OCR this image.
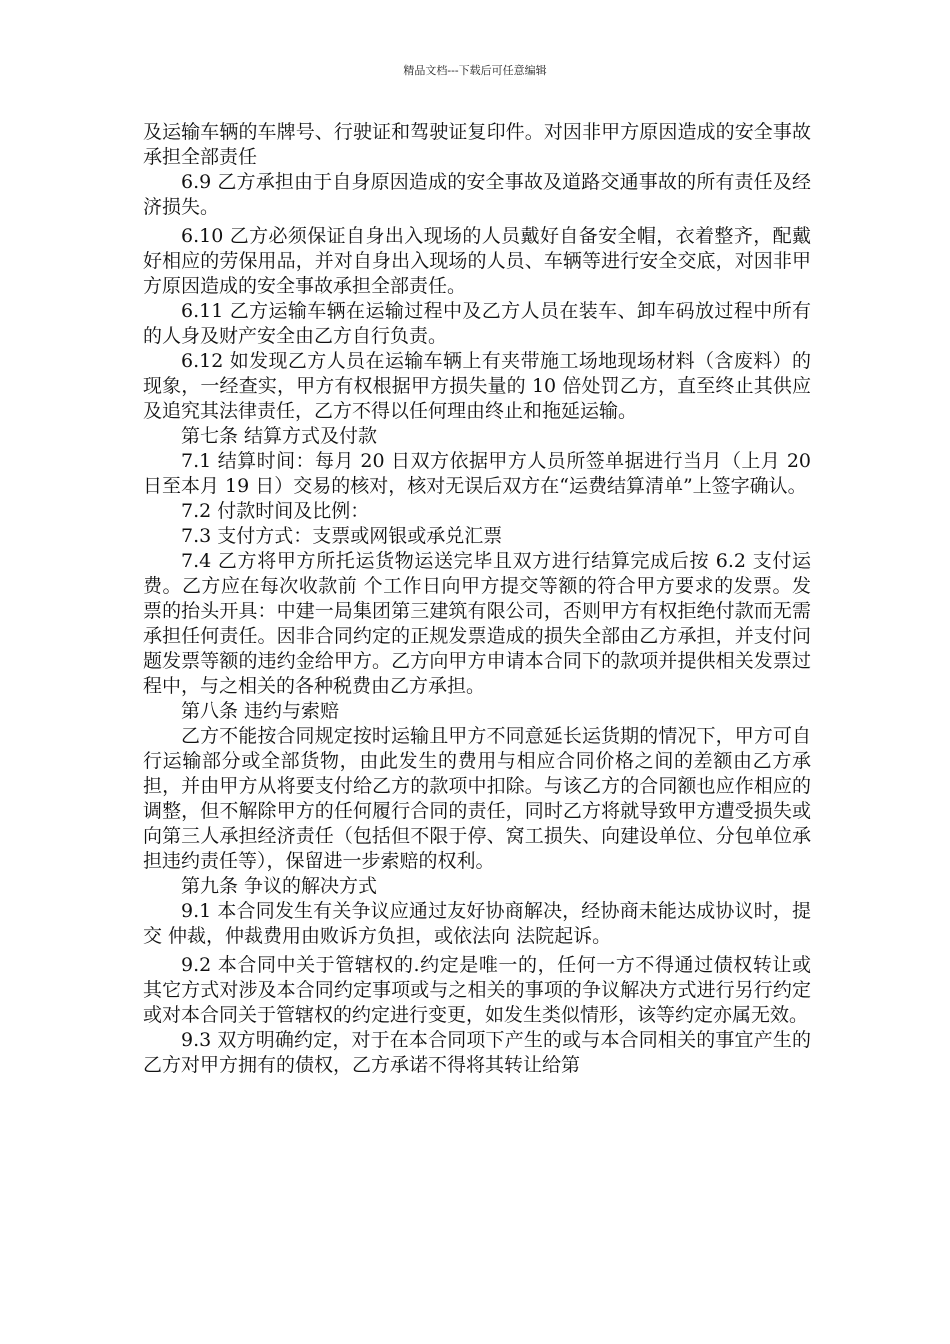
精品文档---下载后可任意编辑

及运输车辆的车牌号、行驶证和驾驶证复印件。对因非甲方原因造成的安全事故承担全部责任

6.9 乙方承担由于自身原因造成的安全事故及道路交通事故的所有责任及经济损失。

6.10 乙方必须保证自身出入现场的人员戴好自备安全帽，衣着整齐，配戴好相应的劳保用品，并对自身出入现场的人员、车辆等进行安全交底，对因非甲方原因造成的安全事故承担全部责任。

6.11 乙方运输车辆在运输过程中及乙方人员在装车、卸车码放过程中所有的人身及财产安全由乙方自行负责。

6.12 如发现乙方人员在运输车辆上有夹带施工场地现场材料（含废料）的现象，一经查实，甲方有权根据甲方损失量的 10 倍处罚乙方，直至终止其供应及追究其法律责任，乙方不得以任何理由终止和拖延运输。

第七条 结算方式及付款

7.1 结算时间：每月 20 日双方依据甲方人员所签单据进行当月（上月 20 日至本月 19 日）交易的核对，核对无误后双方在“运费结算清单”上签字确认。

7.2 付款时间及比例：

7.3 支付方式：支票或网银或承兑汇票

7.4 乙方将甲方所托运货物运送完毕且双方进行结算完成后按 6.2 支付运费。乙方应在每次收款前 个工作日向甲方提交等额的符合甲方要求的发票。发票的抬头开具：中建一局集团第三建筑有限公司，否则甲方有权拒绝付款而无需承担任何责任。因非合同约定的正规发票造成的损失全部由乙方承担，并支付问题发票等额的违约金给甲方。乙方向甲方申请本合同下的款项并提供相关发票过程中，与之相关的各种税费由乙方承担。

第八条 违约与索赔

乙方不能按合同规定按时运输且甲方不同意延长运货期的情况下，甲方可自行运输部分或全部货物，由此发生的费用与相应合同价格之间的差额由乙方承担，并由甲方从将要支付给乙方的款项中扣除。与该乙方的合同额也应作相应的调整，但不解除甲方的任何履行合同的责任，同时乙方将就导致甲方遭受损失或向第三人承担经济责任（包括但不限于停、窝工损失、向建设单位、分包单位承担违约责任等），保留进一步索赔的权利。

第九条 争议的解决方式

9.1 本合同发生有关争议应通过友好协商解决，经协商未能达成协议时，提交 仲裁，仲裁费用由败诉方负担，或依法向 法院起诉。

9.2 本合同中关于管辖权的.约定是唯一的，任何一方不得通过债权转让或其它方式对涉及本合同约定事项或与之相关的事项的争议解决方式进行另行约定或对本合同关于管辖权的约定进行变更，如发生类似情形，该等约定亦属无效。

9.3 双方明确约定，对于在本合同项下产生的或与本合同相关的事宜产生的乙方对甲方拥有的债权，乙方承诺不得将其转让给第
